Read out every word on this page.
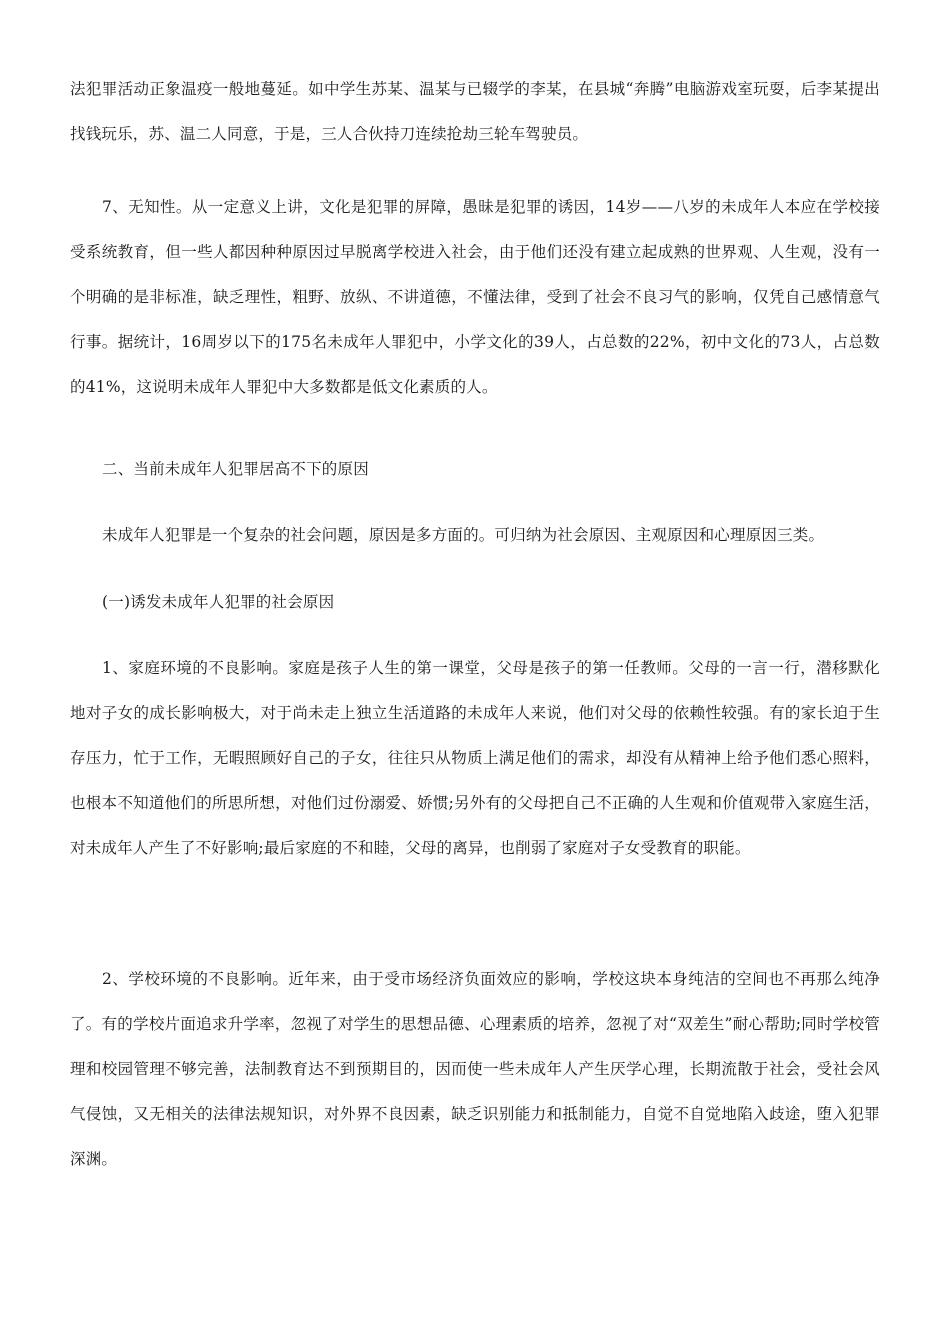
法犯罪活动正象温疫一般地蔓延。如中学生苏某、温某与已辍学的李某，在县城“奔腾”电脑游戏室玩耍，后李某提出找钱玩乐，苏、温二人同意，于是，三人合伙持刀连续抢劫三轮车驾驶员。

7、无知性。从一定意义上讲，文化是犯罪的屏障，愚昧是犯罪的诱因，14岁——八岁的未成年人本应在学校接受系统教育，但一些人都因种种原因过早脱离学校进入社会，由于他们还没有建立起成熟的世界观、人生观，没有一个明确的是非标准，缺乏理性，粗野、放纵、不讲道德，不懂法律，受到了社会不良习气的影响，仅凭自己感情意气行事。据统计，16周岁以下的175名未成年人罪犯中，小学文化的39人，占总数的22%，初中文化的73人，占总数的41%，这说明未成年人罪犯中大多数都是低文化素质的人。

二、当前未成年人犯罪居高不下的原因

未成年人犯罪是一个复杂的社会问题，原因是多方面的。可归纳为社会原因、主观原因和心理原因三类。

(一)诱发未成年人犯罪的社会原因

1、家庭环境的不良影响。家庭是孩子人生的第一课堂，父母是孩子的第一任教师。父母的一言一行，潜移默化地对子女的成长影响极大，对于尚未走上独立生活道路的未成年人来说，他们对父母的依赖性较强。有的家长迫于生存压力，忙于工作，无暇照顾好自己的子女，往往只从物质上满足他们的需求，却没有从精神上给予他们悉心照料，也根本不知道他们的所思所想，对他们过份溺爱、娇惯;另外有的父母把自己不正确的人生观和价值观带入家庭生活，对未成年人产生了不好影响;最后家庭的不和睦，父母的离异，也削弱了家庭对子女受教育的职能。

2、学校环境的不良影响。近年来，由于受市场经济负面效应的影响，学校这块本身纯洁的空间也不再那么纯净了。有的学校片面追求升学率，忽视了对学生的思想品德、心理素质的培养，忽视了对“双差生”耐心帮助;同时学校管理和校园管理不够完善，法制教育达不到预期目的，因而使一些未成年人产生厌学心理，长期流散于社会，受社会风气侵蚀，又无相关的法律法规知识，对外界不良因素，缺乏识别能力和抵制能力，自觉不自觉地陷入歧途，堕入犯罪深渊。
